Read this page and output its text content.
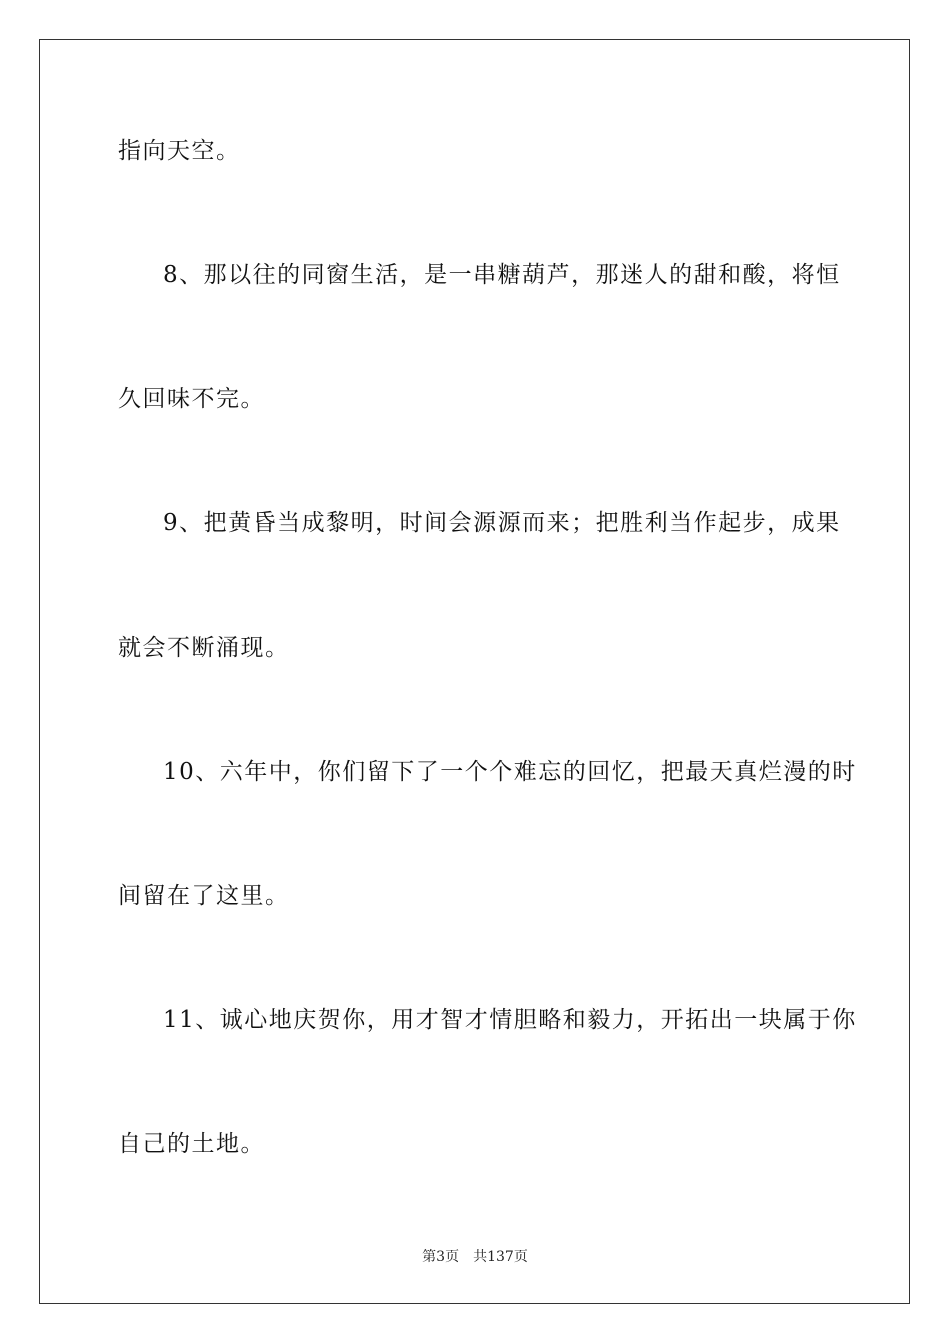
指向天空。
8、那以往的同窗生活，是一串糖葫芦，那迷人的甜和酸，将恒
久回味不完。
9、把黄昏当成黎明，时间会源源而来；把胜利当作起步，成果
就会不断涌现。
10、六年中，你们留下了一个个难忘的回忆，把最天真烂漫的时
间留在了这里。
11、诚心地庆贺你，用才智才情胆略和毅力，开拓出一块属于你
自己的土地。
第3页 共137页
